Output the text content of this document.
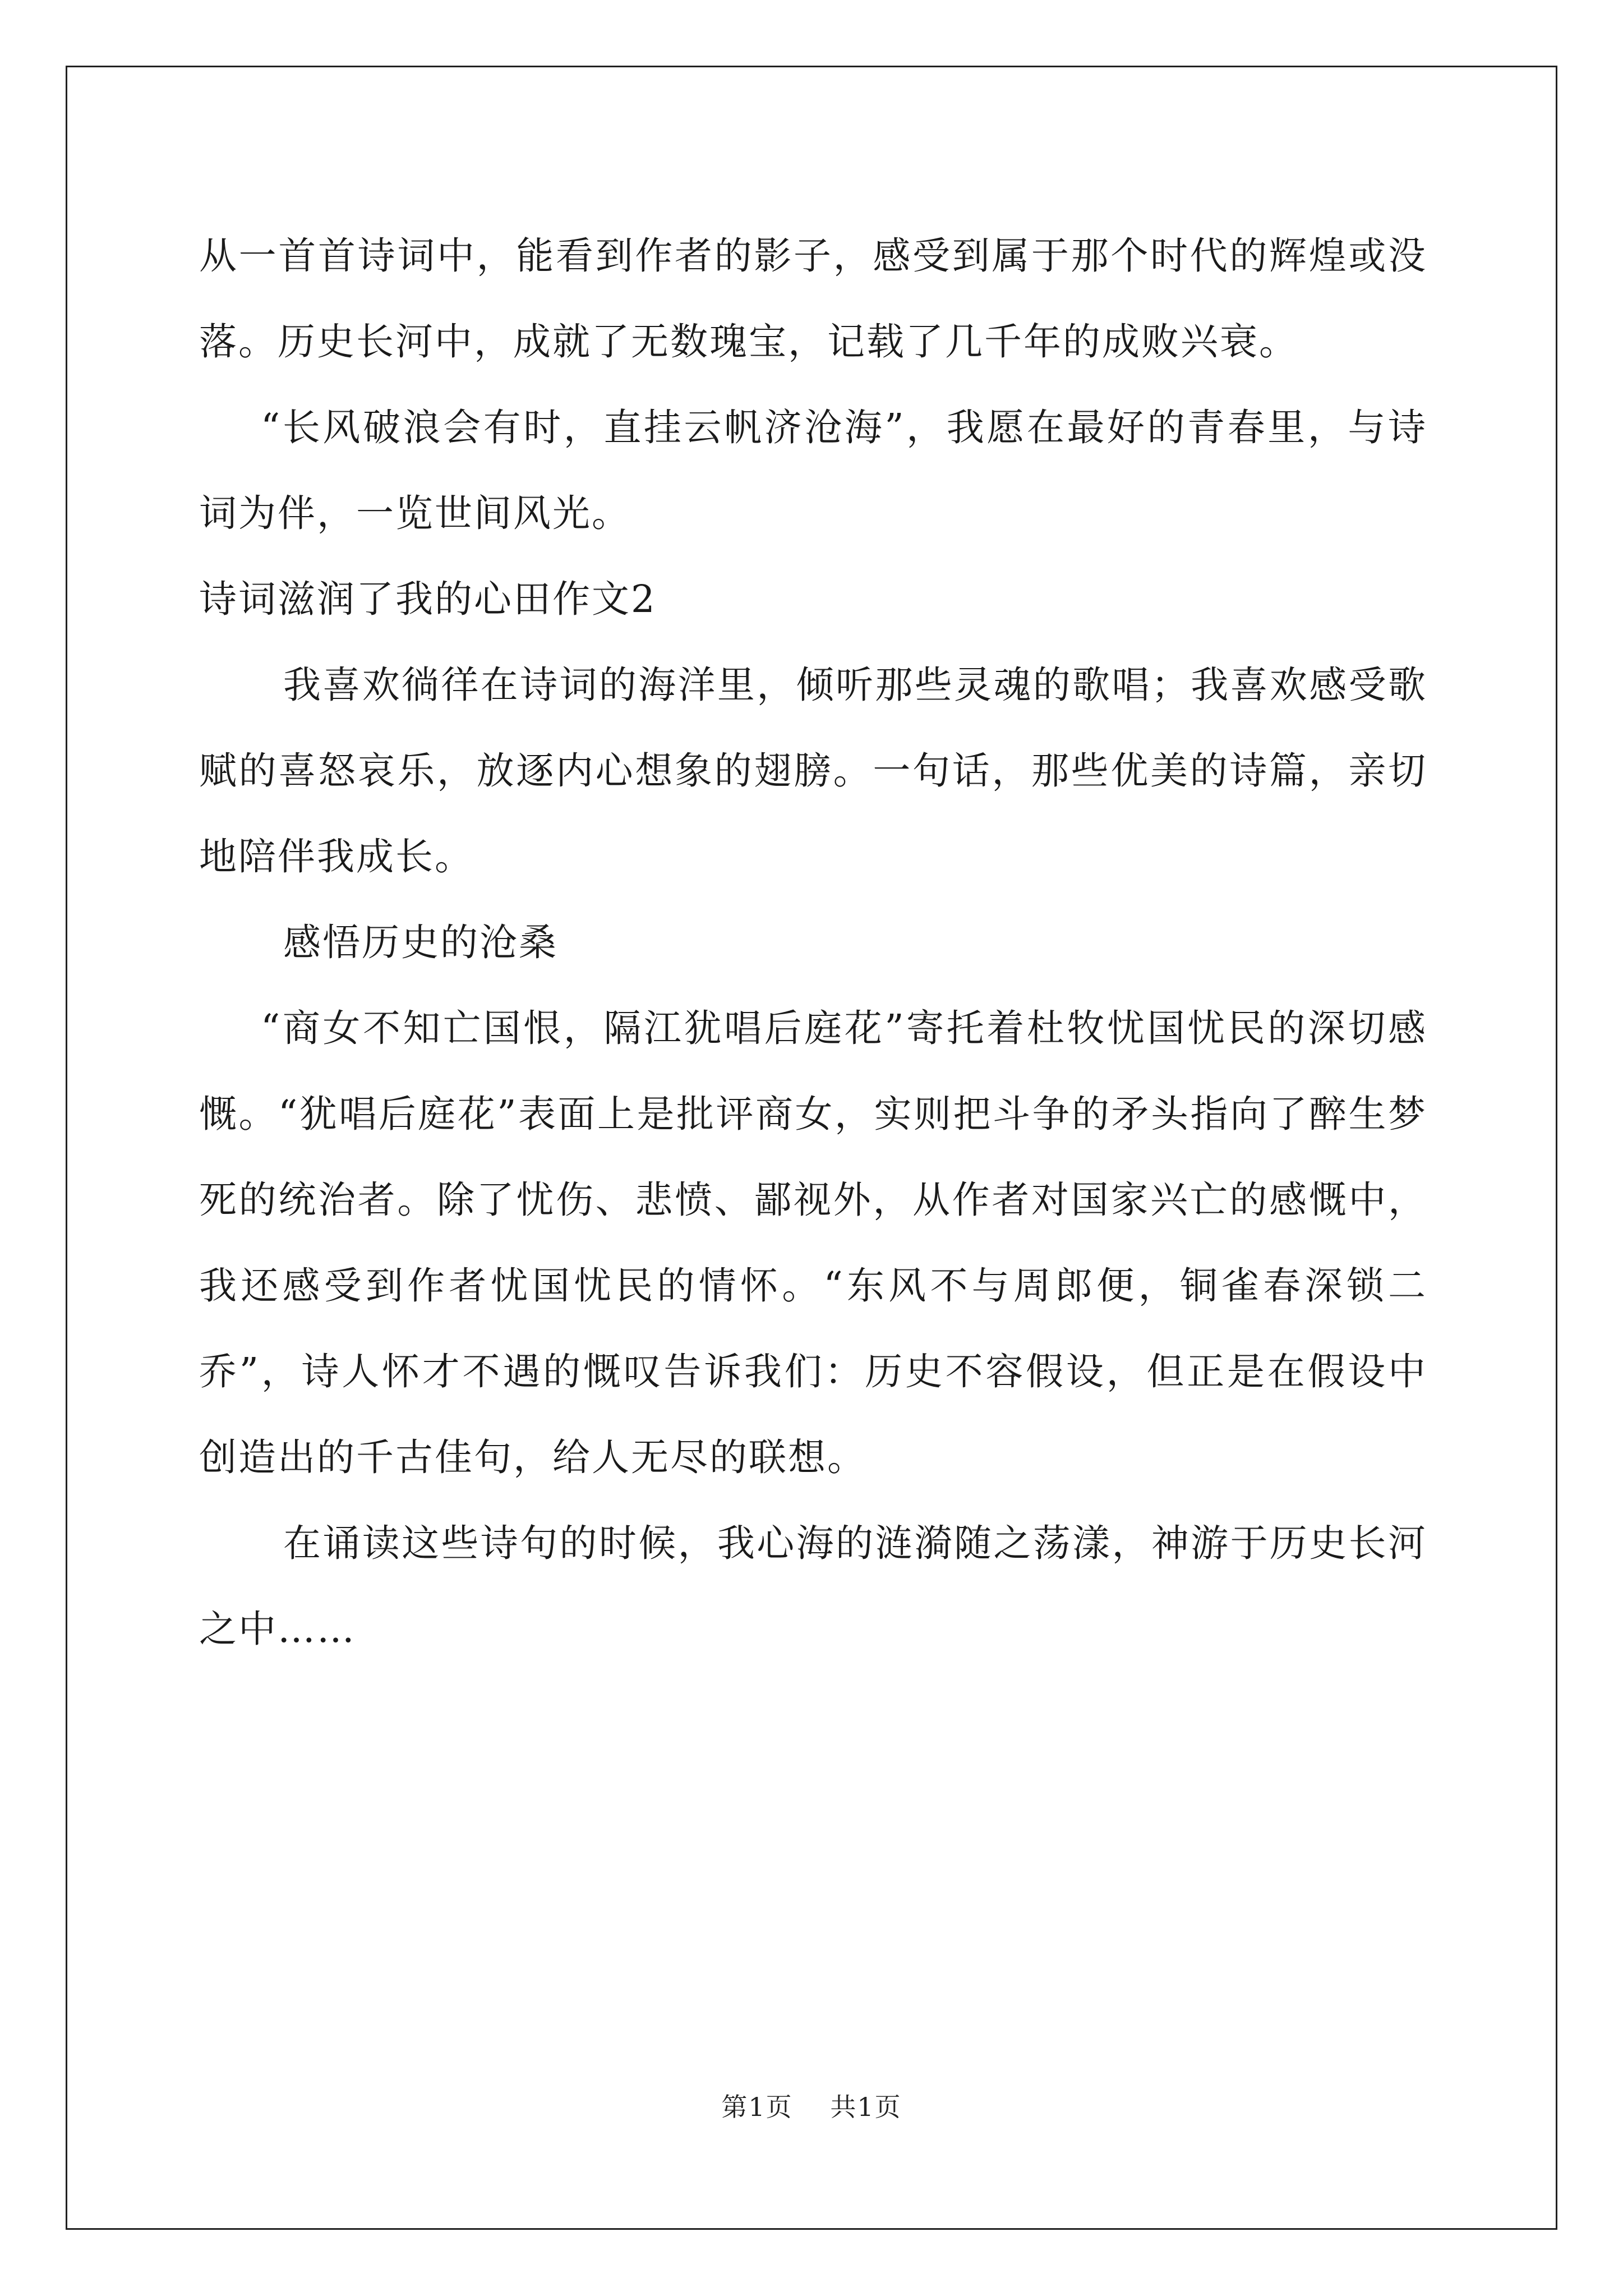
从一首首诗词中，能看到作者的影子，感受到属于那个时代的辉煌或没落。历史长河中，成就了无数瑰宝，记载了几千年的成败兴衰。

“长风破浪会有时，直挂云帆济沧海”，我愿在最好的青春里，与诗词为伴，一览世间风光。

诗词滋润了我的心田作文2

我喜欢徜徉在诗词的海洋里，倾听那些灵魂的歌唱；我喜欢感受歌赋的喜怒哀乐，放逐内心想象的翅膀。一句话，那些优美的诗篇，亲切地陪伴我成长。

感悟历史的沧桑

“商女不知亡国恨，隔江犹唱后庭花”寄托着杜牧忧国忧民的深切感慨。“犹唱后庭花”表面上是批评商女，实则把斗争的矛头指向了醉生梦死的统治者。除了忧伤、悲愤、鄙视外，从作者对国家兴亡的感慨中，我还感受到作者忧国忧民的情怀。“东风不与周郎便，铜雀春深锁二乔”，诗人怀才不遇的慨叹告诉我们：历史不容假设，但正是在假设中创造出的千古佳句，给人无尽的联想。

在诵读这些诗句的时候，我心海的涟漪随之荡漾，神游于历史长河之中……

第1页 共1页
